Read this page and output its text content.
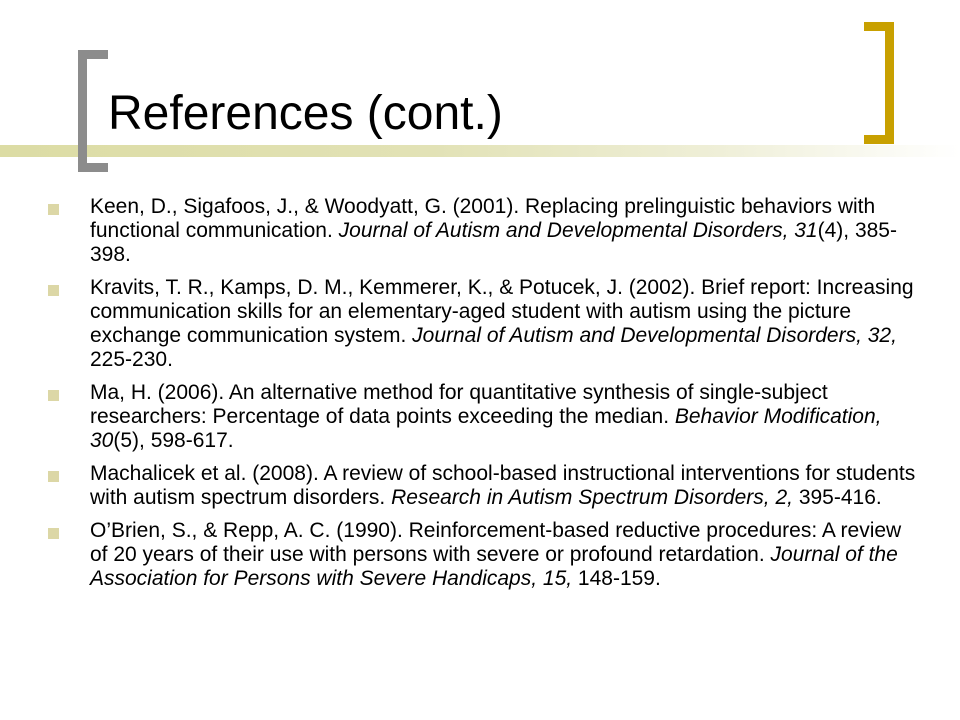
References (cont.)
Keen, D., Sigafoos, J., & Woodyatt, G. (2001). Replacing prelinguistic behaviors with functional communication. Journal of Autism and Developmental Disorders, 31(4), 385-398.
Kravits, T. R., Kamps, D. M., Kemmerer, K., & Potucek, J. (2002). Brief report: Increasing communication skills for an elementary-aged student with autism using the picture exchange communication system. Journal of Autism and Developmental Disorders, 32, 225-230.
Ma, H. (2006). An alternative method for quantitative synthesis of single-subject researchers: Percentage of data points exceeding the median. Behavior Modification, 30(5), 598-617.
Machalicek et al. (2008). A review of school-based instructional interventions for students with autism spectrum disorders. Research in Autism Spectrum Disorders, 2, 395-416.
O’Brien, S., & Repp, A. C. (1990). Reinforcement-based reductive procedures: A review of 20 years of their use with persons with severe or profound retardation. Journal of the Association for Persons with Severe Handicaps, 15, 148-159.
